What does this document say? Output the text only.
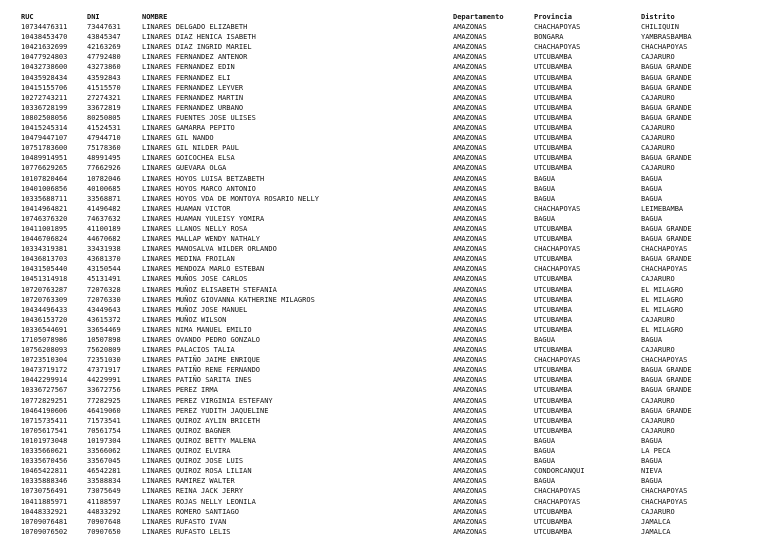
RUC	DNI	NOMBRE	Departamento	Provincia	Distrito
10734476311	73447631	LINARES DELGADO ELIZABETH	AMAZONAS	CHACHAPOYAS	CHILIQUIN
10438453470	43845347	LINARES DIAZ HENICA ISABETH	AMAZONAS	BONGARA	YAMBRASBAMBA
10421632699	42163269	LINARES DIAZ INGRID MARIEL	AMAZONAS	CHACHAPOYAS	CHACHAPOYAS
10477924803	47792480	LINARES FERNANDEZ ANTENOR	AMAZONAS	UTCUBAMBA	CAJARURO
10432738600	43273860	LINARES FERNANDEZ EDIN	AMAZONAS	UTCUBAMBA	BAGUA GRANDE
10435928434	43592843	LINARES FERNANDEZ ELI	AMAZONAS	UTCUBAMBA	BAGUA GRANDE
10415155706	41515570	LINARES FERNANDEZ LEYVER	AMAZONAS	UTCUBAMBA	BAGUA GRANDE
10272743211	27274321	LINARES FERNANDEZ MARTIN	AMAZONAS	UTCUBAMBA	CAJARURO
10336728199	33672819	LINARES FERNANDEZ URBANO	AMAZONAS	UTCUBAMBA	BAGUA GRANDE
10802508056	80250805	LINARES FUENTES JOSE ULISES	AMAZONAS	UTCUBAMBA	BAGUA GRANDE
10415245314	41524531	LINARES GAMARRA PEPITO	AMAZONAS	UTCUBAMBA	CAJARURO
10479447107	47944710	LINARES GIL NANDO	AMAZONAS	UTCUBAMBA	CAJARURO
10751783600	75178360	LINARES GIL NILDER PAUL	AMAZONAS	UTCUBAMBA	CAJARURO
10489914951	48991495	LINARES GOICOCHEA ELSA	AMAZONAS	UTCUBAMBA	BAGUA GRANDE
10776629265	77662926	LINARES GUEVARA OLGA	AMAZONAS	UTCUBAMBA	CAJARURO
10107820464	10782046	LINARES HOYOS LUISA BETZABETH	AMAZONAS	BAGUA	BAGUA
10401006856	40100685	LINARES HOYOS MARCO ANTONIO	AMAZONAS	BAGUA	BAGUA
10335688711	33568871	LINARES HOYOS VDA DE MONTOYA ROSARIO NELLY	AMAZONAS	BAGUA	BAGUA
10414964821	41496482	LINARES HUAMAN VICTOR	AMAZONAS	CHACHAPOYAS	LEIMEBAMBA
10746376320	74637632	LINARES HUAMAN YULEISY YOMIRA	AMAZONAS	BAGUA	BAGUA
10411001895	41100189	LINARES LLANOS NELLY ROSA	AMAZONAS	UTCUBAMBA	BAGUA GRANDE
10446706824	44670682	LINARES MALLAP WENDY NATHALY	AMAZONAS	UTCUBAMBA	BAGUA GRANDE
10334319381	33431938	LINARES MANOSALVA WILDER ORLANDO	AMAZONAS	CHACHAPOYAS	CHACHAPOYAS
10436813703	43681370	LINARES MEDINA FROILAN	AMAZONAS	UTCUBAMBA	BAGUA GRANDE
10431505440	43150544	LINARES MENDOZA MARLO ESTEBAN	AMAZONAS	CHACHAPOYAS	CHACHAPOYAS
10451314918	45131491	LINARES MUÑOS JOSE CARLOS	AMAZONAS	UTCUBAMBA	CAJARURO
10720763287	72076328	LINARES MUÑOZ ELISABETH STEFANIA	AMAZONAS	UTCUBAMBA	EL MILAGRO
10720763309	72076330	LINARES MUÑOZ GIOVANNA KATHERINE MILAGROS	AMAZONAS	UTCUBAMBA	EL MILAGRO
10434496433	43449643	LINARES MUÑOZ JOSE MANUEL	AMAZONAS	UTCUBAMBA	EL MILAGRO
10436153720	43615372	LINARES MUÑOZ WILSON	AMAZONAS	UTCUBAMBA	CAJARURO
10336544691	33654469	LINARES NIMA MANUEL EMILIO	AMAZONAS	UTCUBAMBA	EL MILAGRO
17105078986	10507898	LINARES OVANDO PEDRO GONZALO	AMAZONAS	BAGUA	BAGUA
10756208093	75620809	LINARES PALACIOS TALIA	AMAZONAS	UTCUBAMBA	CAJARURO
10723510304	72351030	LINARES PATIÑO JAIME ENRIQUE	AMAZONAS	CHACHAPOYAS	CHACHAPOYAS
10473719172	47371917	LINARES PATIÑO RENE FERNANDO	AMAZONAS	UTCUBAMBA	BAGUA GRANDE
10442299914	44229991	LINARES PATIÑO SARITA INES	AMAZONAS	UTCUBAMBA	BAGUA GRANDE
10336727567	33672756	LINARES PEREZ IRMA	AMAZONAS	UTCUBAMBA	BAGUA GRANDE
10772829251	77282925	LINARES PEREZ VIRGINIA ESTEFANY	AMAZONAS	UTCUBAMBA	CAJARURO
10464190606	46419060	LINARES PEREZ YUDITH JAQUELINE	AMAZONAS	UTCUBAMBA	BAGUA GRANDE
10715735411	71573541	LINARES QUIROZ AYLIN BRICETH	AMAZONAS	UTCUBAMBA	CAJARURO
10705617541	70561754	LINARES QUIROZ BAGNER	AMAZONAS	UTCUBAMBA	CAJARURO
10101973048	10197304	LINARES QUIROZ BETTY MALENA	AMAZONAS	BAGUA	BAGUA
10335660621	33566062	LINARES QUIROZ ELVIRA	AMAZONAS	BAGUA	LA PECA
10335670456	33567045	LINARES QUIROZ JOSE LUIS	AMAZONAS	BAGUA	BAGUA
10465422811	46542281	LINARES QUIROZ ROSA LILIAN	AMAZONAS	CONDORCANQUI	NIEVA
10335888346	33588834	LINARES RAMIREZ WALTER	AMAZONAS	BAGUA	BAGUA
10730756491	73075649	LINARES REINA JACK JERRY	AMAZONAS	CHACHAPOYAS	CHACHAPOYAS
10411885971	41188597	LINARES ROJAS NELLY LEONILA	AMAZONAS	CHACHAPOYAS	CHACHAPOYAS
10448332921	44833292	LINARES ROMERO SANTIAGO	AMAZONAS	UTCUBAMBA	CAJARURO
10709076481	70907648	LINARES RUFASTO IVAN	AMAZONAS	UTCUBAMBA	JAMALCA
10709076502	70907650	LINARES RUFASTO LELIS	AMAZONAS	UTCUBAMBA	JAMALCA
